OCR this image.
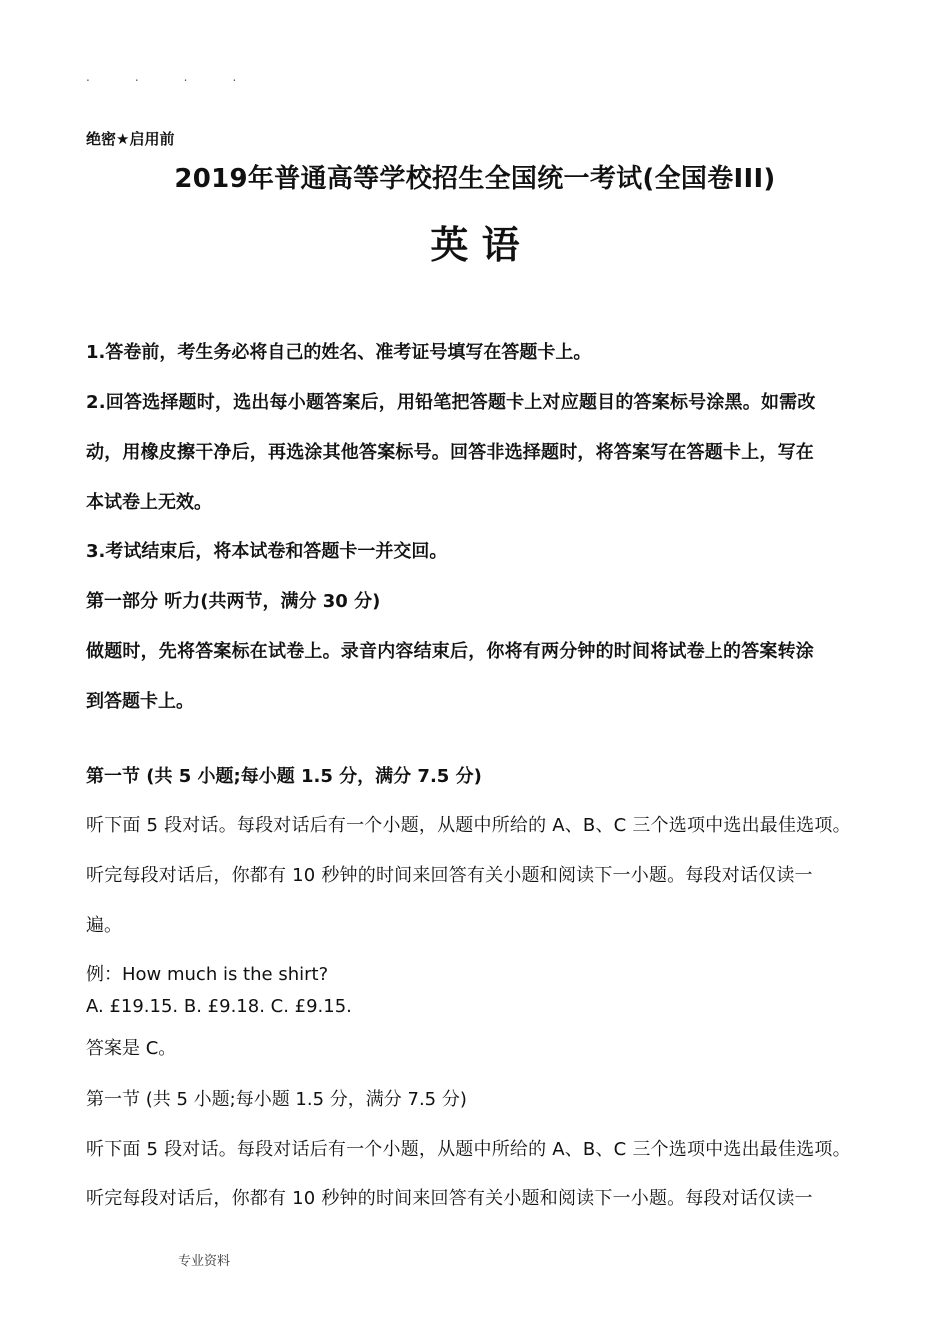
.	.	.	.
绝密★启用前
2019年普通高等学校招生全国统一考试(全国卷III)
英 语
1.答卷前，考生务必将自己的姓名、准考证号填写在答题卡上。
2.回答选择题时，选出每小题答案后，用铅笔把答题卡上对应题目的答案标号涂黑。如需改
动，用橡皮擦干净后，再选涂其他答案标号。回答非选择题时，将答案写在答题卡上，写在
本试卷上无效。
3.考试结束后，将本试卷和答题卡一并交回。
第一部分 听力(共两节，满分 30 分)
做题时，先将答案标在试卷上。录音内容结束后，你将有两分钟的时间将试卷上的答案转涂
到答题卡上。
第一节 (共 5 小题;每小题 1.5 分，满分 7.5 分)
听下面 5 段对话。每段对话后有一个小题，从题中所给的 A、B、C 三个选项中选出最佳选项。
听完每段对话后，你都有 10 秒钟的时间来回答有关小题和阅读下一小题。每段对话仅读一
遍。
例：How much is the shirt?
A. £19.15. B. £9.18. C. £9.15.
答案是 C。
第一节 (共 5 小题;每小题 1.5 分，满分 7.5 分)
听下面 5 段对话。每段对话后有一个小题，从题中所给的 A、B、C 三个选项中选出最佳选项。
听完每段对话后，你都有 10 秒钟的时间来回答有关小题和阅读下一小题。每段对话仅读一
专业资料
